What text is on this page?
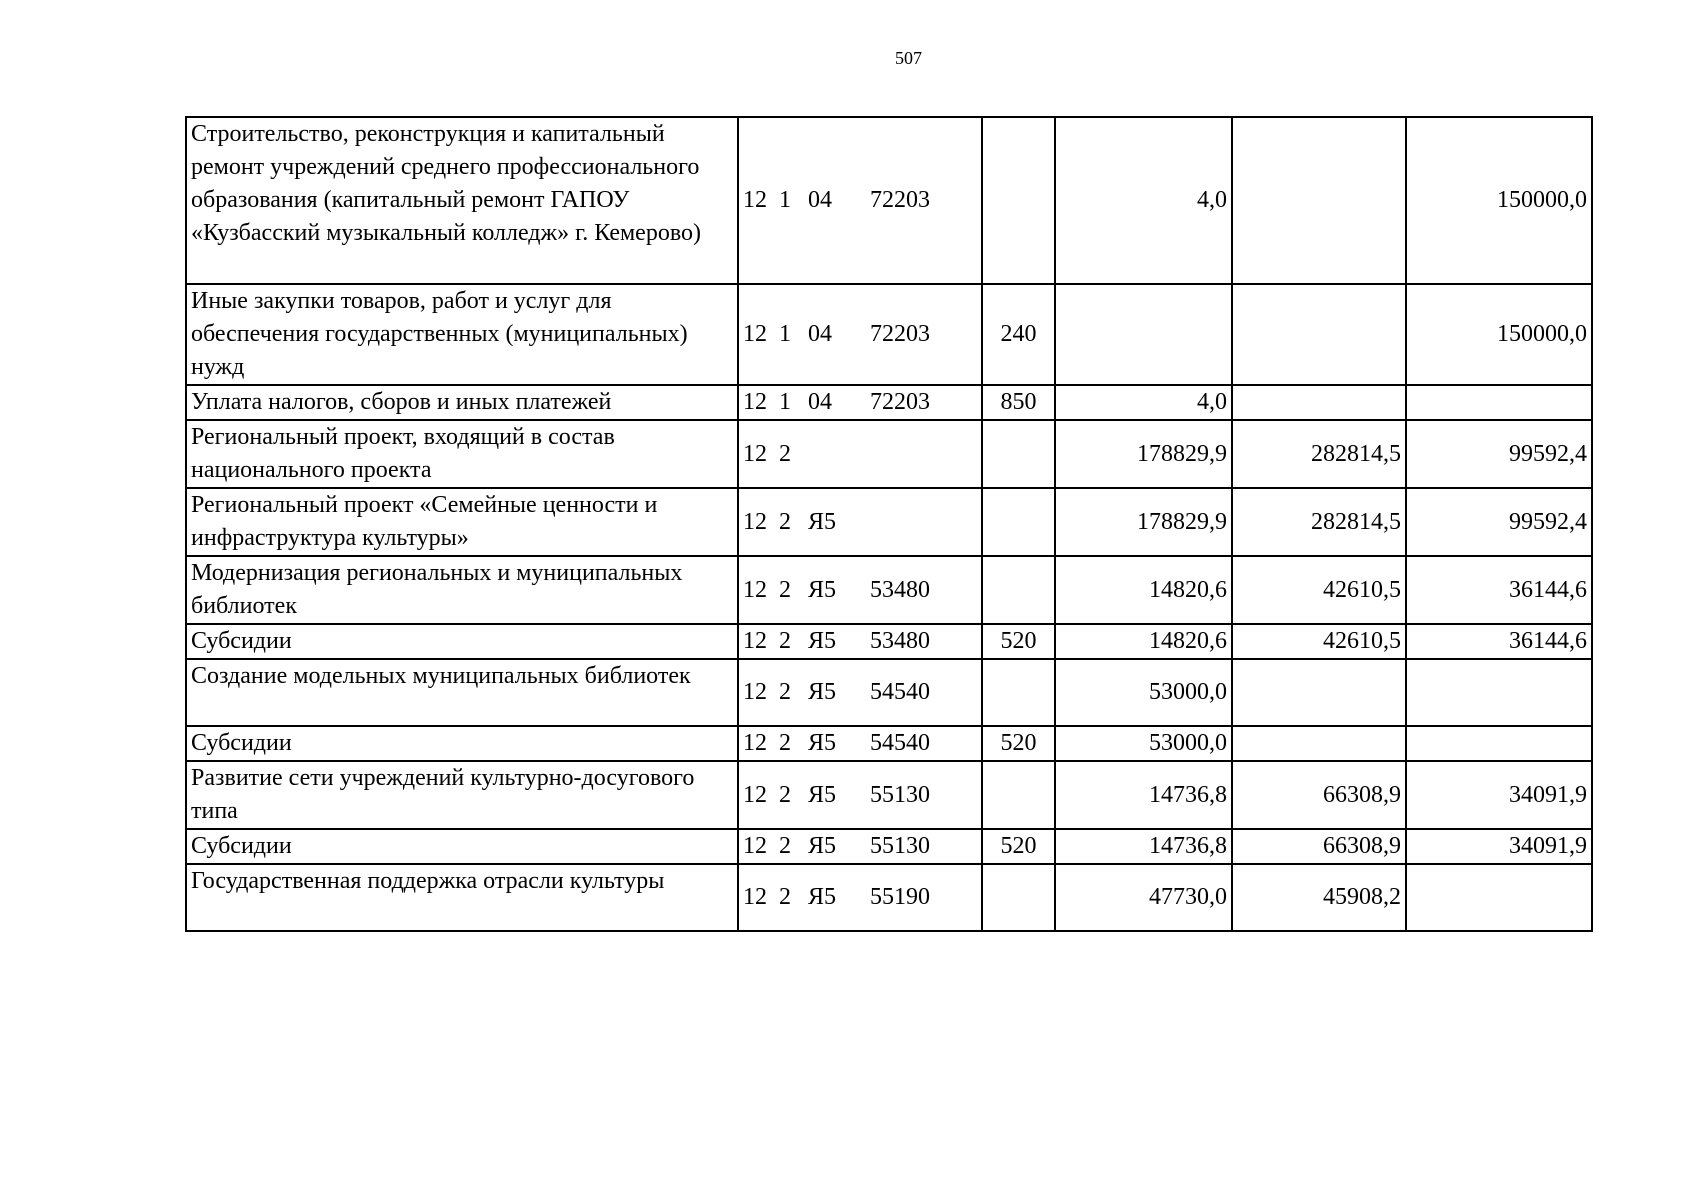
507
Строительство, реконструкция и капитальный ремонт учреждений среднего профессионального образования (капитальный ремонт ГАПОУ «Кузбасский музыкальный колледж» г. Кемерово)	12 1 04 72203		4,0		150000,0
Иные закупки товаров, работ и услуг для обеспечения государственных (муниципальных) нужд	12 1 04 72203	240			150000,0
Уплата налогов, сборов и иных платежей	12 1 04 72203	850	4,0		
Региональный проект, входящий в состав национального проекта	12 2		178829,9	282814,5	99592,4
Региональный проект «Семейные ценности и инфраструктура культуры»	12 2 Я5		178829,9	282814,5	99592,4
Модернизация региональных и муниципальных библиотек	12 2 Я5 53480		14820,6	42610,5	36144,6
Субсидии	12 2 Я5 53480	520	14820,6	42610,5	36144,6
Создание модельных муниципальных библиотек	12 2 Я5 54540		53000,0		
Субсидии	12 2 Я5 54540	520	53000,0		
Развитие сети учреждений культурно-досугового типа	12 2 Я5 55130		14736,8	66308,9	34091,9
Субсидии	12 2 Я5 55130	520	14736,8	66308,9	34091,9
Государственная поддержка отрасли культуры	12 2 Я5 55190		47730,0	45908,2	
